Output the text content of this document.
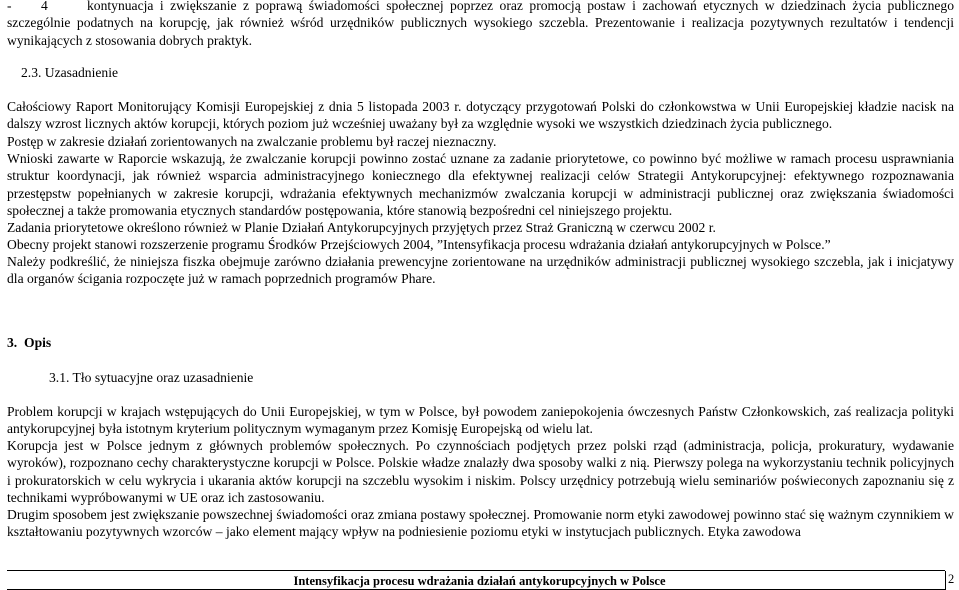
- 4	kontynuacja i zwiększanie z poprawą świadomości społecznej poprzez oraz promocją postaw i zachowań etycznych w dziedzinach życia publicznego szczególnie podatnych na korupcję, jak również wśród urzędników publicznych wysokiego szczebla. Prezentowanie i realizacja pozytywnych rezultatów i tendencji wynikających z stosowania dobrych praktyk.

2.3. Uzasadnienie

Całościowy Raport Monitorujący Komisji Europejskiej z dnia 5 listopada 2003 r. dotyczący przygotowań Polski do członkowstwa w Unii Europejskiej kładzie nacisk na dalszy wzrost licznych aktów korupcji, których poziom już wcześniej uważany był za względnie wysoki we wszystkich dziedzinach życia publicznego.

Postęp w zakresie działań zorientowanych na zwalczanie problemu był raczej nieznaczny.

Wnioski zawarte w Raporcie wskazują, że zwalczanie korupcji powinno zostać uznane za zadanie priorytetowe, co powinno być możliwe w ramach procesu usprawniania struktur koordynacji, jak również wsparcia administracyjnego koniecznego dla efektywnej realizacji celów Strategii Antykorupcyjnej: efektywnego rozpoznawania przestępstw popełnianych w zakresie korupcji, wdrażania efektywnych mechanizmów zwalczania korupcji w administracji publicznej oraz zwiększania świadomości społecznej a także promowania etycznych standardów postępowania, które stanowią bezpośredni cel niniejszego projektu.

Zadania priorytetowe określono również w Planie Działań Antykorupcyjnych przyjętych przez Straż Graniczną w czerwcu 2002 r.

Obecny projekt stanowi rozszerzenie programu Środków Przejściowych 2004, ”Intensyfikacja procesu wdrażania działań antykorupcyjnych w Polsce.”

Należy podkreślić, że niniejsza fiszka obejmuje zarówno działania prewencyjne zorientowane na urzędników administracji publicznej wysokiego szczebla, jak i inicjatywy dla organów ścigania rozpoczęte już w ramach poprzednich programów Phare.

3.  Opis
3.1. Tło sytuacyjne oraz uzasadnienie

Problem korupcji w krajach wstępujących do Unii Europejskiej, w tym w Polsce, był powodem zaniepokojenia ówczesnych Państw Członkowskich, zaś realizacja polityki antykorupcyjnej była istotnym kryterium politycznym wymaganym przez Komisję Europejską od wielu lat.

Korupcja jest w Polsce jednym z głównych problemów społecznych. Po czynnościach podjętych przez polski rząd (administracja, policja, prokuratury, wydawanie wyroków), rozpoznano cechy charakterystyczne korupcji w Polsce. Polskie władze znalazły dwa sposoby walki z nią. Pierwszy polega na wykorzystaniu technik policyjnych i prokuratorskich w celu wykrycia i ukarania aktów korupcji na szczeblu wysokim i niskim. Polscy urzędnicy potrzebują wielu seminariów poświeconych zapoznaniu się z technikami wypróbowanymi w UE oraz ich zastosowaniu.

Drugim sposobem jest zwiększanie powszechnej świadomości oraz zmiana postawy społecznej. Promowanie norm etyki zawodowej powinno stać się ważnym czynnikiem w kształtowaniu pozytywnych wzorców – jako element mający wpływ na podniesienie poziomu etyki w instytucjach publicznych. Etyka zawodowa

Intensyfikacja procesu wdrażania działań antykorupcyjnych w Polsce	2
